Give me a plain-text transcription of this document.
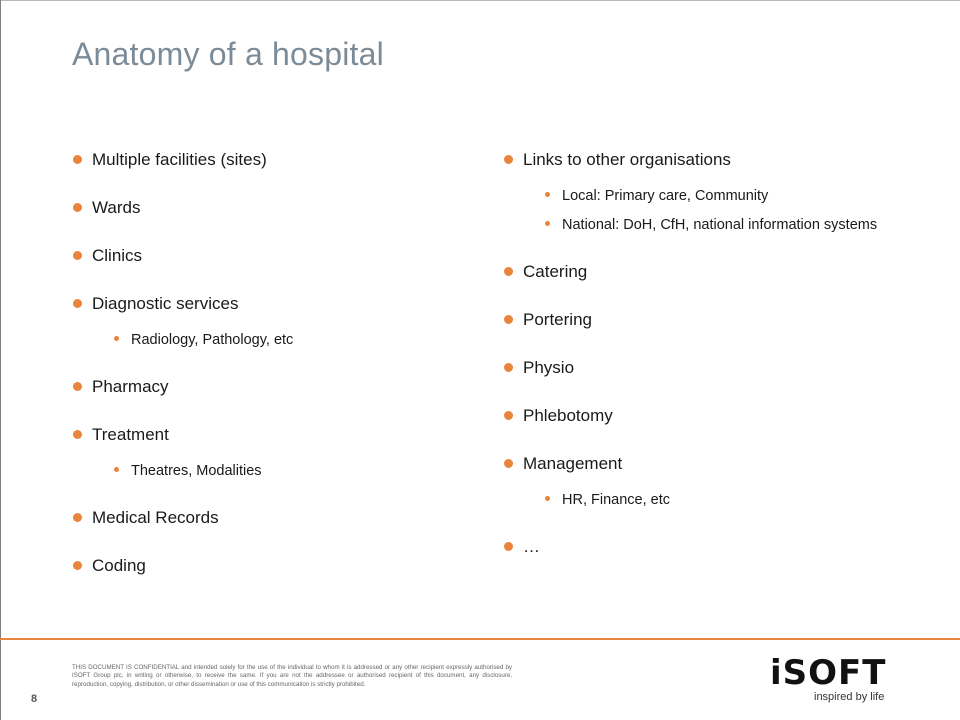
Anatomy of a hospital
Multiple facilities (sites)
Wards
Clinics
Diagnostic services
Radiology, Pathology, etc
Pharmacy
Treatment
Theatres, Modalities
Medical Records
Coding
Links to other organisations
Local: Primary care, Community
National: DoH, CfH, national information systems
Catering
Portering
Physio
Phlebotomy
Management
HR, Finance, etc
…
8

THIS DOCUMENT IS CONFIDENTIAL and intended solely for the use of the individual to whom it is addressed or any other recipient expressly authorised by ISOFT Group plc, in writing or otherwise, to receive the same. If you are not the addressee or authorised recipient of this document, any disclosure, reproduction, copying, distribution, or other dissemination or use of this communication is strictly prohibited.	iSOFT
inspired by life
